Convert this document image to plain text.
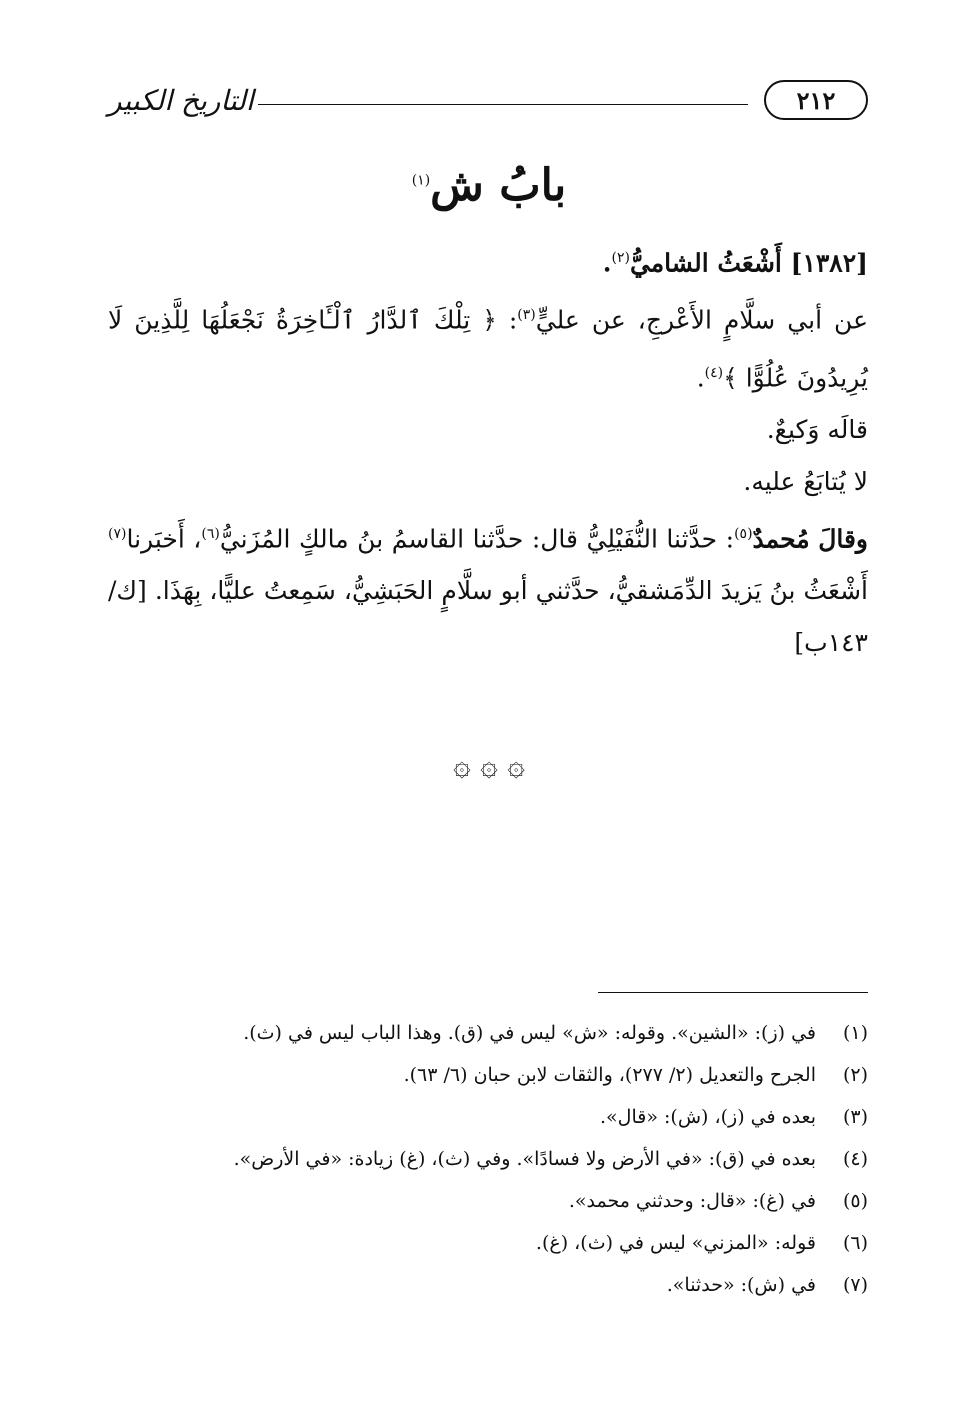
التاريخ الكبير	٢١٢
بابُ ش$^{(١)}$

[١٣٨٢] أَشْعَثُ الشاميُّ$^{(٢)}$.

عن أبي سلَّامٍ الأَعْرجِ، عن عليٍّ$^{(٣)}$: ﴿ تِلْكَ ٱلدَّارُ ٱلْـَٔاخِرَةُ نَجْعَلُهَا لِلَّذِينَ لَا يُرِيدُونَ عُلُوًّا ﴾$^{(٤)}$.

قالَه وَكيعٌ.

لا يُتابَعُ عليه.

وقالَ مُحمدٌ$^{(٥)}$: حدَّثنا النُّفَيْلِيُّ قال: حدَّثنا القاسمُ بنُ مالكٍ المُزَنيُّ$^{(٦)}$، أَخبَرنا$^{(٧)}$ أَشْعَثُ بنُ يَزيدَ الدِّمَشقيُّ، حدَّثني أبو سلَّامٍ الحَبَشِيُّ، سَمِعتُ عليًّا، بِهَذَا. [ك/ ١٤٣ب]

۞ ۞ ۞
(١)
في (ز): «الشين». وقوله: «ش» ليس في (ق). وهذا الباب ليس في (ث).
(٢)
الجرح والتعديل (٢/ ٢٧٧)، والثقات لابن حبان (٦/ ٦٣).
(٣)
بعده في (ز)، (ش): «قال».
(٤)
بعده في (ق): «في الأرض ولا فسادًا». وفي (ث)، (غ) زيادة: «في الأرض».
(٥)
في (غ): «قال: وحدثني محمد».
(٦)
قوله: «المزني» ليس في (ث)، (غ).
(٧)
في (ش): «حدثنا».
